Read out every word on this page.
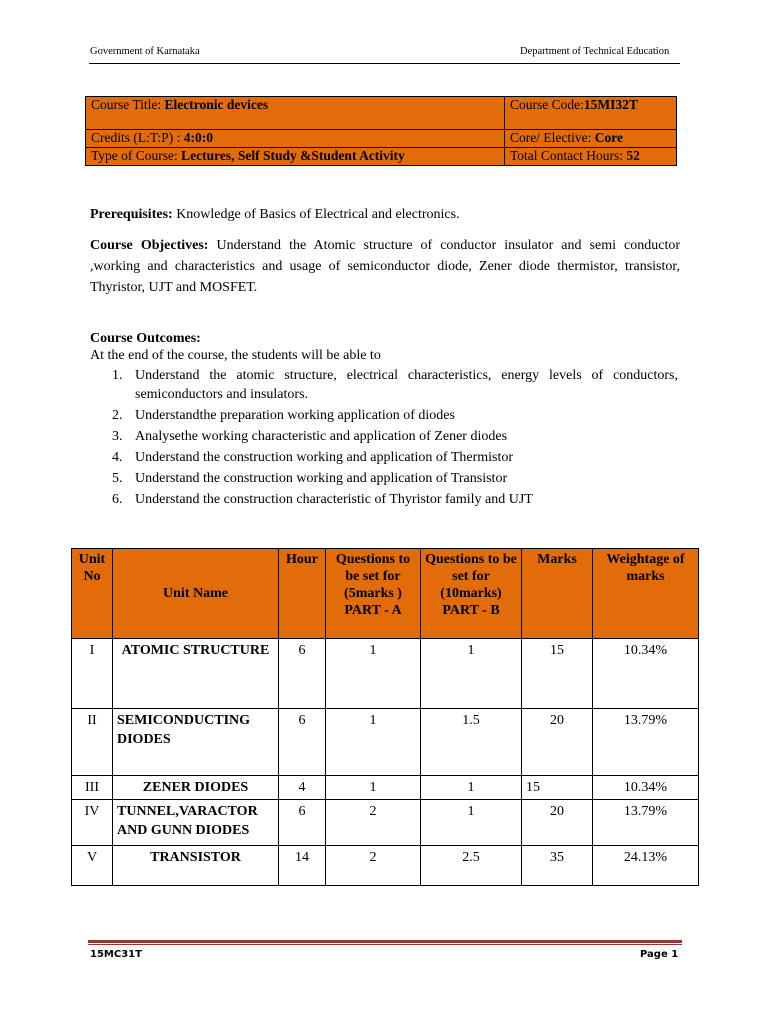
Government of Karnataka	Department of Technical Education
Course Title: Electronic devices	Course Code:15MI32T
Credits (L:T:P) : 4:0:0	Core/ Elective: Core
Type of Course: Lectures, Self Study &Student Activity	Total Contact Hours: 52
Prerequisites: Knowledge of Basics of Electrical and electronics.
Course Objectives: Understand the Atomic structure of conductor insulator and semi conductor ,working and characteristics and usage of semiconductor diode, Zener diode thermistor, transistor, Thyristor, UJT and MOSFET.
Course Outcomes:
At the end of the course, the students will be able to
1. Understand the atomic structure, electrical characteristics, energy levels of conductors, semiconductors and insulators.
2. Understandthe preparation working application of diodes
3. Analysethe working characteristic and application of Zener diodes
4. Understand the construction working and application of Thermistor
5. Understand the construction working and application of Transistor
6. Understand the construction characteristic of Thyristor family and UJT
Unit No	Unit Name	Hour	Questions to be set for (5marks ) PART - A	Questions to be set for (10marks) PART - B	Marks	Weightage of marks
I	ATOMIC STRUCTURE	6	1	1	15	10.34%
II	SEMICONDUCTING DIODES	6	1	1.5	20	13.79%
III	ZENER DIODES	4	1	1	15	10.34%
IV	TUNNEL,VARACTOR AND GUNN DIODES	6	2	1	20	13.79%
V	TRANSISTOR	14	2	2.5	35	24.13%
15MC31T	Page 1
